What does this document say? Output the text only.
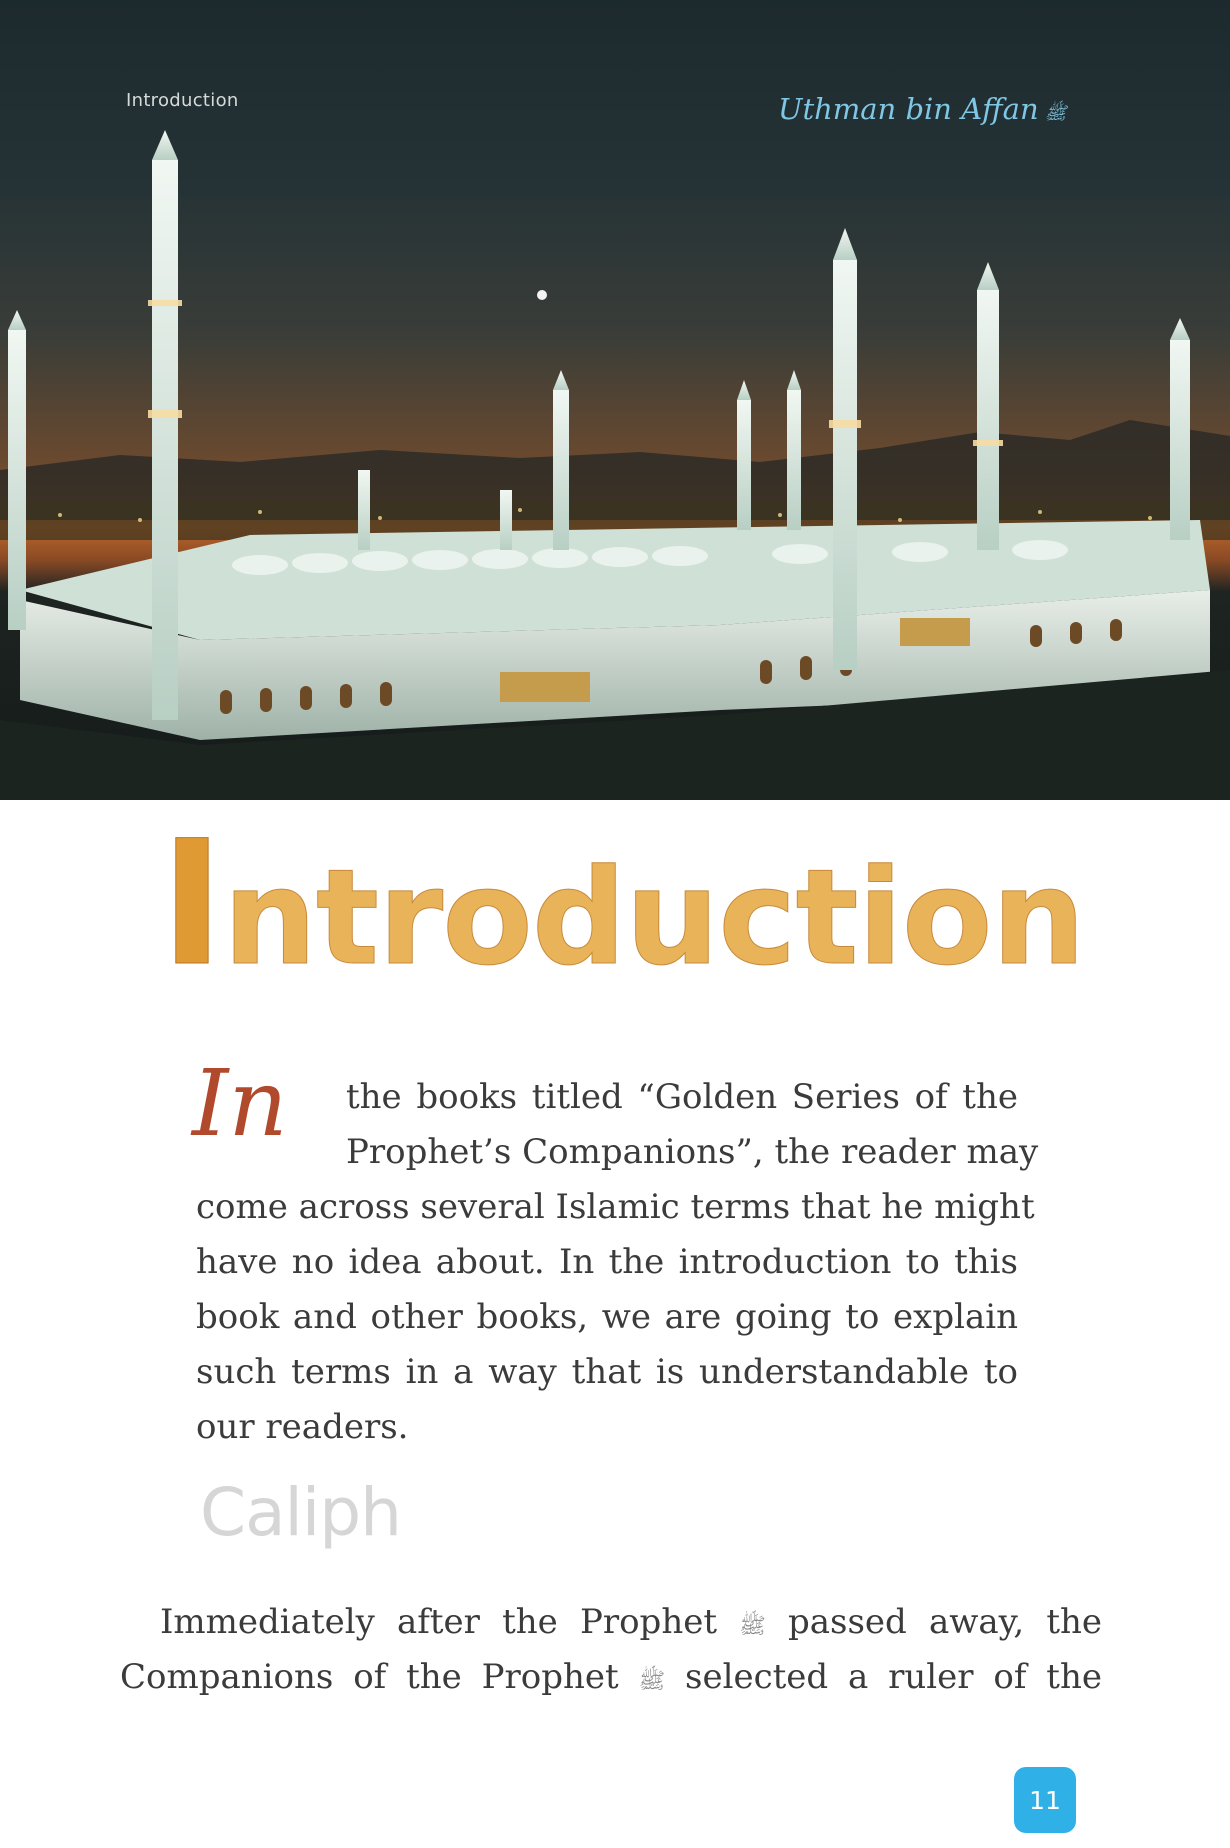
Introduction	Uthman bin Affan ﷺ
Introduction
In the books titled “Golden Series of the
Prophet’s Companions”, the reader may
come across several Islamic terms that he might
have no idea about. In the introduction to this
book and other books, we are going to explain
such terms in a way that is understandable to
our readers.
Caliph
Immediately after the Prophet ﷺ passed away, the
Companions of the Prophet ﷺ selected a ruler of the
11
